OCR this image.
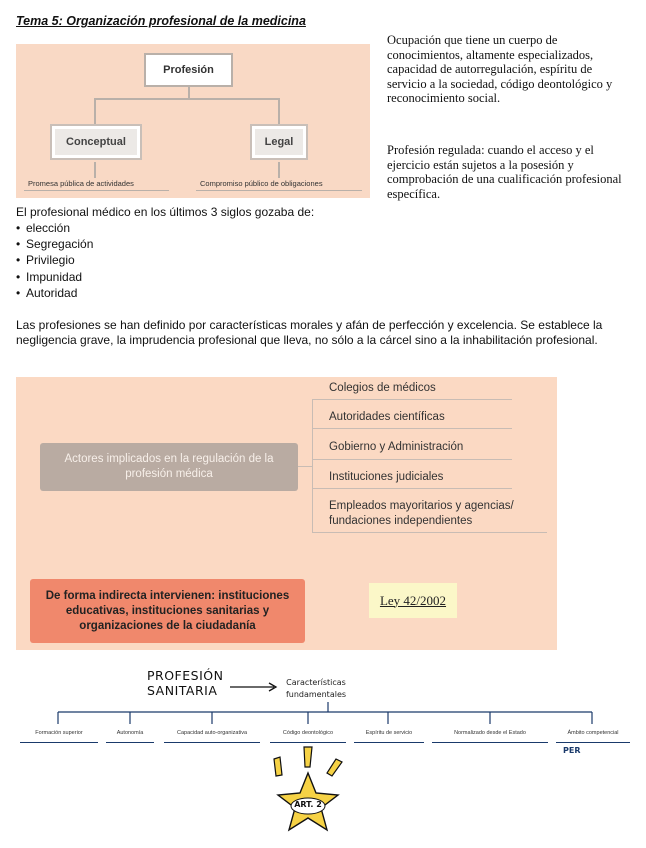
Tema 5: Organización profesional de la medicina
Ocupación que tiene un cuerpo de conocimientos, altamente especializados, capacidad de autorregulación, espíritu de servicio a la sociedad, código deontológico y reconocimiento social.
Profesión regulada: cuando el acceso y el ejercicio están sujetos a la posesión y comprobación de una cualificación profesional específica.
Profesión
Conceptual	Legal
Promesa pública de actividades	Compromiso público de obligaciones
El profesional médico en los últimos 3 siglos gozaba de:
• elección
• Segregación
• Privilegio
• Impunidad
• Autoridad
Las profesiones se han definido por características morales y afán de perfección y excelencia. Se establece la negligencia grave, la imprudencia profesional que lleva, no sólo a la cárcel sino a la inhabilitación profesional.
Actores implicados en la regulación de la profesión médica
Colegios de médicos
Autoridades científicas
Gobierno y Administración
Instituciones judiciales
Empleados mayoritarios y agencias/ fundaciones independientes
De forma indirecta intervienen: instituciones educativas, instituciones sanitarias y organizaciones de la ciudadanía
Ley 42/2002
PROFESIÓN SANITARIA
Características fundamentales
Formación superior	Autonomía	Capacidad auto-organizativa	Código deontológico	Espíritu de servicio	Normalizado desde el Estado	Ámbito competencial
PER
ART. 2
